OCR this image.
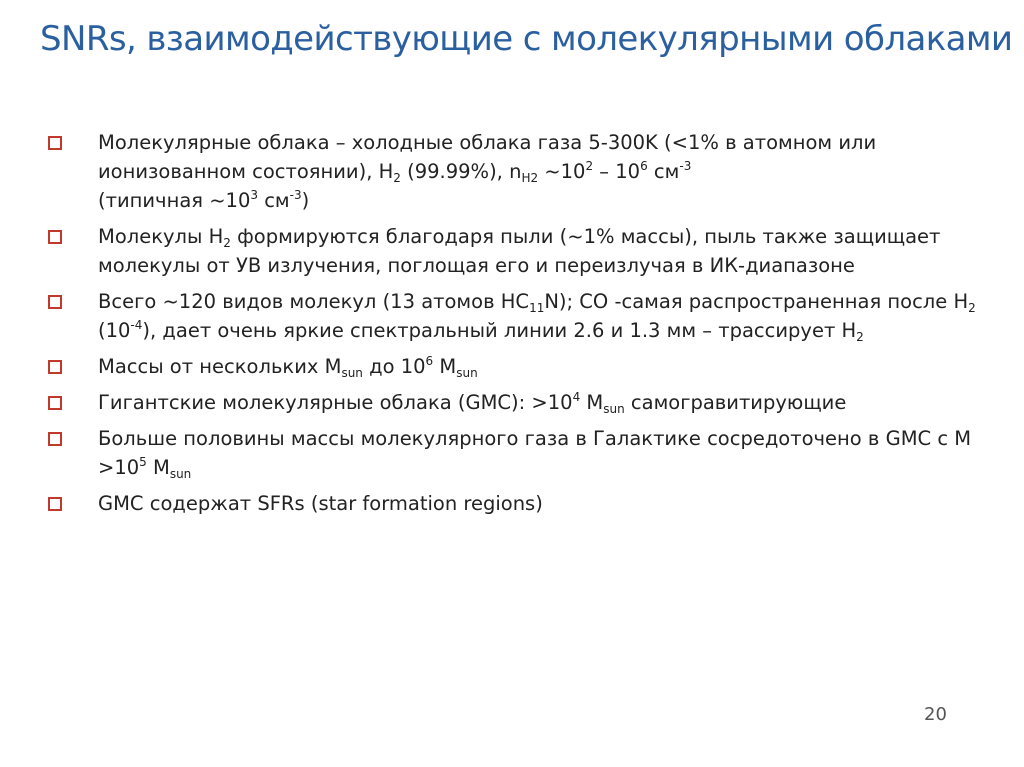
SNRs, взаимодействующие с молекулярными облаками
Молекулярные облака – холодные облака газа 5-300K (<1% в атомном или ионизованном состоянии), $H_2$ (99.99%), $n_{H2}$ $\sim 10^2 - 10^6$ $см^{-3}$
(типичная $\sim 10^3$ $см^{-3}$)
Молекулы $H_2$ формируются благодаря пыли (~1% массы), пыль также защищает молекулы от УВ излучения, поглощая его и переизлучая в ИК-диапазоне
Всего ~120 видов молекул (13 атомов $HC_{11}N$); CO -самая распространенная после $H_2$ $(10^{-4})$, дает очень яркие спектральный линии 2.6 и 1.3 мм – трассирует $H_2$
Массы от нескольких $M_{sun}$ до $10^6$ $M_{sun}$
Гигантские молекулярные облака (GMC): $>10^4$ $M_{sun}$ самогравитирующие
Больше половины массы молекулярного газа в Галактике сосредоточено в GMC с $M >10^5$ $M_{sun}$
GMC содержат SFRs (star formation regions)
20
